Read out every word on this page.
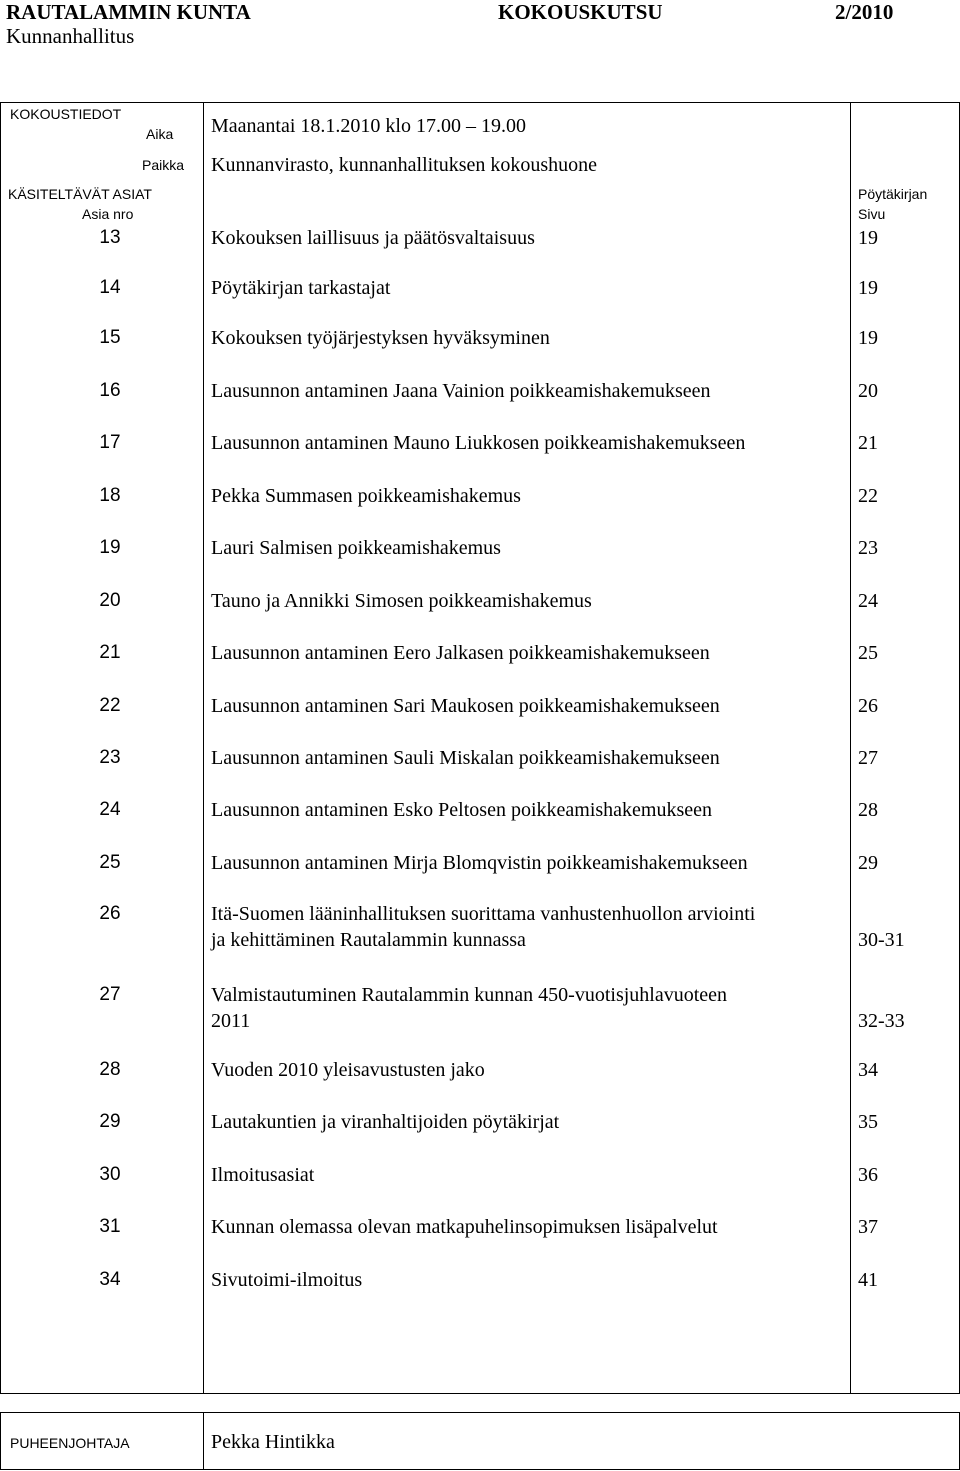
RAUTALAMMIN KUNTA	KOKOUSKUTSU	2/2010
Kunnanhallitus
KOKOUSTIEDOT
Aika Maanantai 18.1.2010 klo 17.00 – 19.00
Paikka Kunnanvirasto, kunnanhallituksen kokoushuone
KÄSITELTÄVÄT ASIAT
Asia nro
Pöytäkirjan
Sivu
13	Kokouksen laillisuus ja päätösvaltaisuus	19
14	Pöytäkirjan tarkastajat	19
15	Kokouksen työjärjestyksen hyväksyminen	19
16	Lausunnon antaminen Jaana Vainion poikkeamishakemukseen	20
17	Lausunnon antaminen Mauno Liukkosen poikkeamishakemukseen	21
18	Pekka Summasen poikkeamishakemus	22
19	Lauri Salmisen poikkeamishakemus	23
20	Tauno ja Annikki Simosen poikkeamishakemus	24
21	Lausunnon antaminen Eero Jalkasen poikkeamishakemukseen	25
22	Lausunnon antaminen Sari Maukosen poikkeamishakemukseen	26
23	Lausunnon antaminen Sauli Miskalan poikkeamishakemukseen	27
24	Lausunnon antaminen Esko Peltosen poikkeamishakemukseen	28
25	Lausunnon antaminen Mirja Blomqvistin poikkeamishakemukseen	29
26	Itä-Suomen lääninhallituksen suorittama vanhustenhuollon arviointi
ja kehittäminen Rautalammin kunnassa	30-31
27	Valmistautuminen Rautalammin kunnan 450-vuotisjuhlavuoteen
2011	32-33
28	Vuoden 2010 yleisavustusten jako	34
29	Lautakuntien ja viranhaltijoiden pöytäkirjat	35
30	Ilmoitusasiat	36
31	Kunnan olemassa olevan matkapuhelinsopimuksen lisäpalvelut	37
34	Sivutoimi-ilmoitus	41
PUHEENJOHTAJA	Pekka Hintikka
